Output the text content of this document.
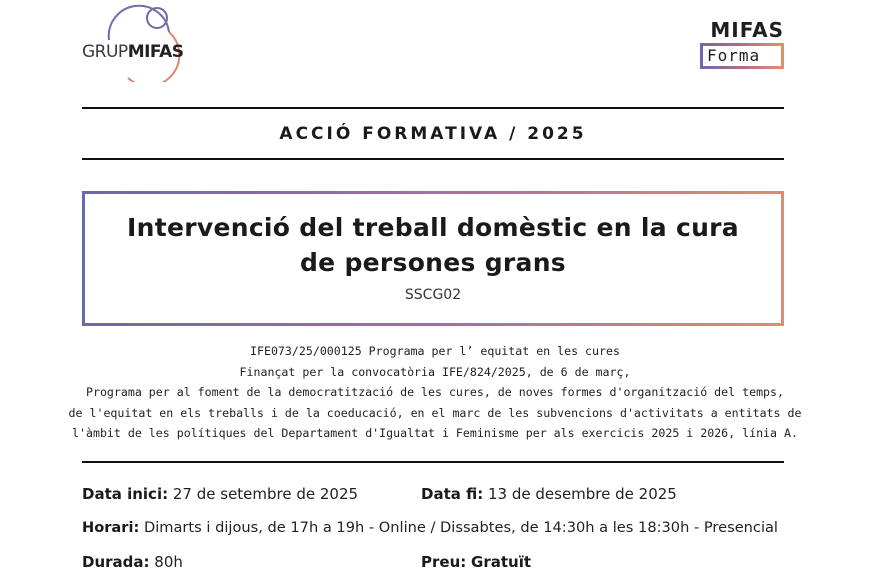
GRUPMIFAS
MIFAS
Forma
ACCIÓ FORMATIVA / 2025
Intervenció del treball domèstic en la cura
de persones grans
SSCG02
IFE073/25/000125 Programa per l’ equitat en les cures
Finançat per la convocatòria IFE/824/2025, de 6 de març,
Programa per al foment de la democratització de les cures, de noves formes d'organització del temps,
de l'equitat en els treballs i de la coeducació, en el marc de les subvencions d'activitats a entitats de
l'àmbit de les polítiques del Departament d'Igualtat i Feminisme per als exercicis 2025 i 2026, línia A.
Data inici: 27 de setembre de 2025	Data fi: 13 de desembre de 2025
Horari: Dimarts i dijous, de 17h a 19h - Online / Dissabtes, de 14:30h a les 18:30h - Presencial
Durada: 80h	Preu: Gratuït
